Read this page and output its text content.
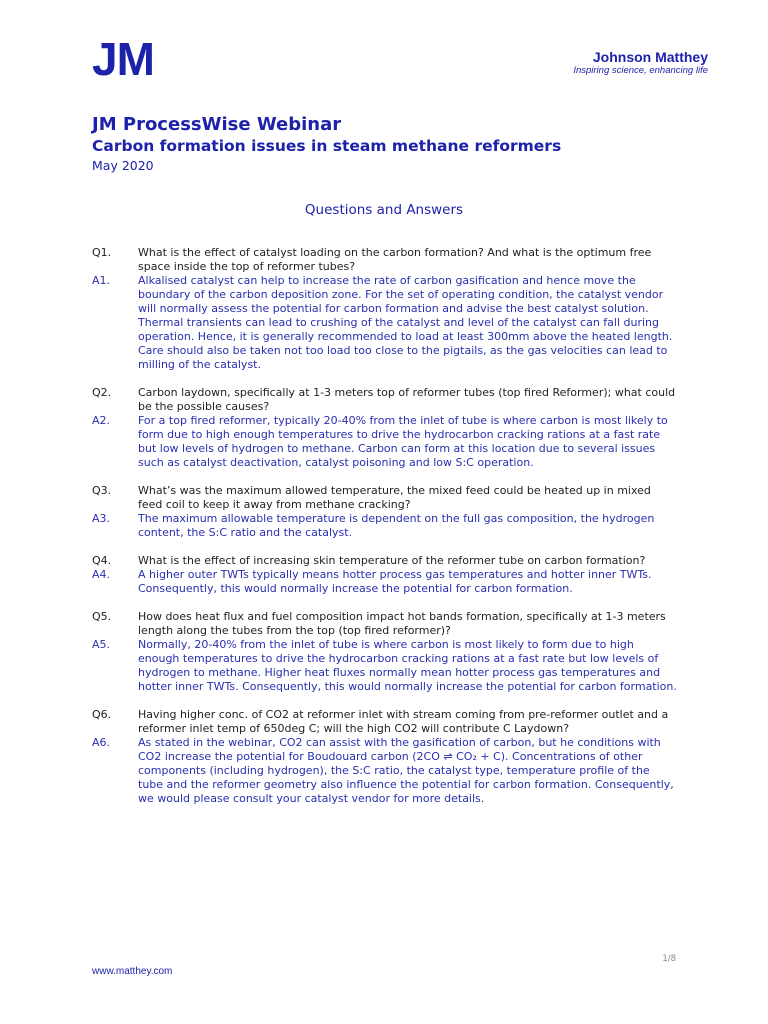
JM	Johnson Matthey
Inspiring science, enhancing life
JM ProcessWise Webinar
Carbon formation issues in steam methane reformers
May 2020
Questions and Answers
Q1.	What is the effect of catalyst loading on the carbon formation? And what is the optimum free space inside the top of reformer tubes?
A1.	Alkalised catalyst can help to increase the rate of carbon gasification and hence move the boundary of the carbon deposition zone. For the set of operating condition, the catalyst vendor will normally assess the potential for carbon formation and advise the best catalyst solution.
Thermal transients can lead to crushing of the catalyst and level of the catalyst can fall during operation. Hence, it is generally recommended to load at least 300mm above the heated length. Care should also be taken not too load too close to the pigtails, as the gas velocities can lead to milling of the catalyst.
Q2.	Carbon laydown, specifically at 1-3 meters top of reformer tubes (top fired Reformer); what could be the possible causes?
A2.	For a top fired reformer, typically 20-40% from the inlet of tube is where carbon is most likely to form due to high enough temperatures to drive the hydrocarbon cracking rations at a fast rate but low levels of hydrogen to methane. Carbon can form at this location due to several issues such as catalyst deactivation, catalyst poisoning and low S:C operation.
Q3.	What’s was the maximum allowed temperature, the mixed feed could be heated up in mixed feed coil to keep it away from methane cracking?
A3.	The maximum allowable temperature is dependent on the full gas composition, the hydrogen content, the S:C ratio and the catalyst.
Q4.	What is the effect of increasing skin temperature of the reformer tube on carbon formation?
A4.	A higher outer TWTs typically means hotter process gas temperatures and hotter inner TWTs. Consequently, this would normally increase the potential for carbon formation.
Q5.	How does heat flux and fuel composition impact hot bands formation, specifically at 1-3 meters length along the tubes from the top (top fired reformer)?
A5.	Normally, 20-40% from the inlet of tube is where carbon is most likely to form due to high enough temperatures to drive the hydrocarbon cracking rations at a fast rate but low levels of hydrogen to methane. Higher heat fluxes normally mean hotter process gas temperatures and hotter inner TWTs. Consequently, this would normally increase the potential for carbon formation.
Q6.	Having higher conc. of CO2 at reformer inlet with stream coming from pre-reformer outlet and a reformer inlet temp of 650deg C; will the high CO2 will contribute C Laydown?
A6.	As stated in the webinar, CO2 can assist with the gasification of carbon, but he conditions with CO2 increase the potential for Boudouard carbon (2CO ⇌ CO₂ + C). Concentrations of other components (including hydrogen), the S:C ratio, the catalyst type, temperature profile of the tube and the reformer geometry also influence the potential for carbon formation. Consequently, we would please consult your catalyst vendor for more details.
www.matthey.com
1/8
